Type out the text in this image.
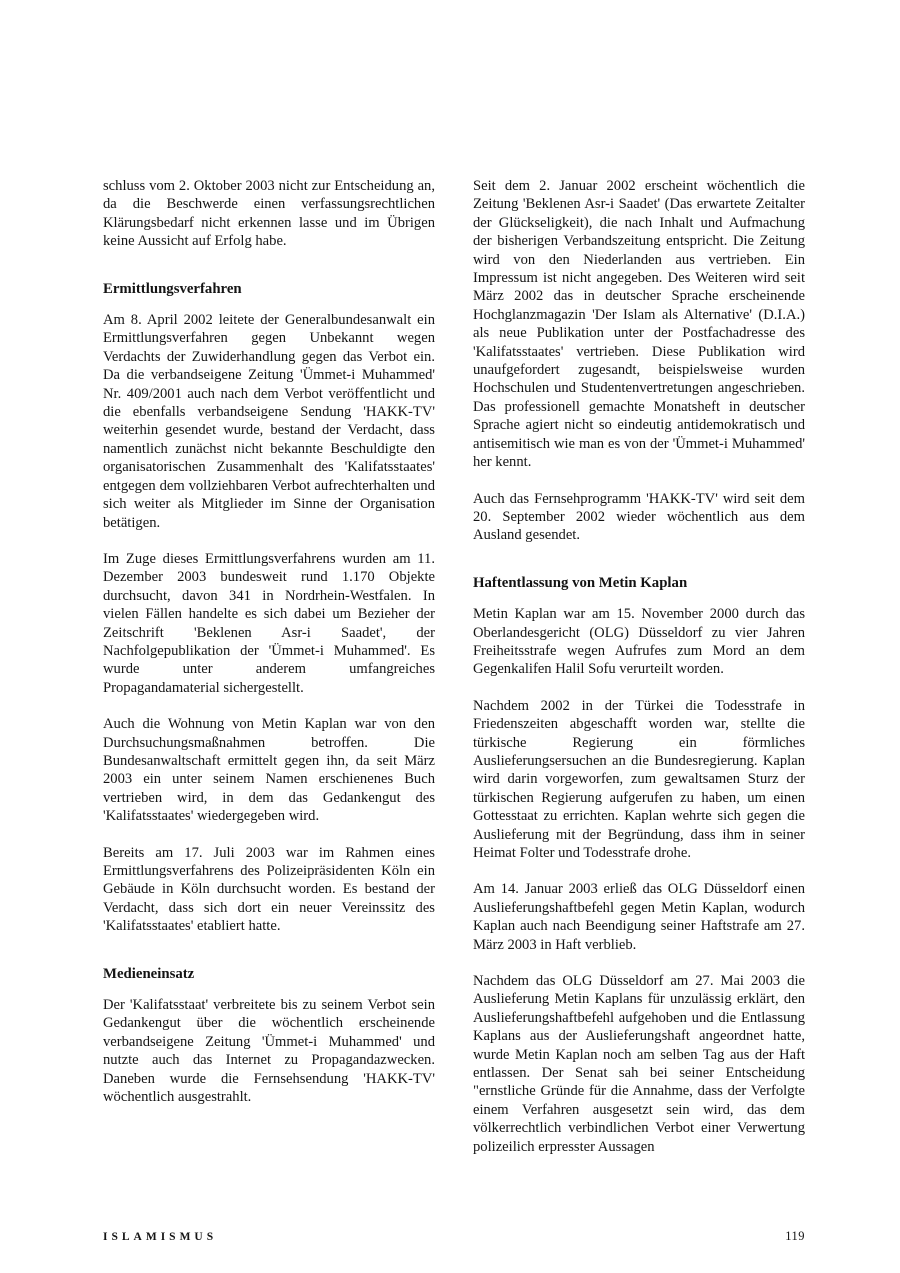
schluss vom 2. Oktober 2003 nicht zur Entscheidung an, da die Beschwerde einen verfassungsrechtlichen Klärungsbedarf nicht erkennen lasse und im Übrigen keine Aussicht auf Erfolg habe.

Ermittlungsverfahren

Am 8. April 2002 leitete der Generalbundesanwalt ein Ermittlungsverfahren gegen Unbekannt wegen Verdachts der Zuwiderhandlung gegen das Verbot ein. Da die verbandseigene Zeitung 'Ümmet-i Muhammed' Nr. 409/2001 auch nach dem Verbot veröffentlicht und die ebenfalls verbandseigene Sendung 'HAKK-TV' weiterhin gesendet wurde, bestand der Verdacht, dass namentlich zunächst nicht bekannte Beschuldigte den organisatorischen Zusammenhalt des 'Kalifatsstaates' entgegen dem vollziehbaren Verbot aufrechterhalten und sich weiter als Mitglieder im Sinne der Organisation betätigen.

Im Zuge dieses Ermittlungsverfahrens wurden am 11. Dezember 2003 bundesweit rund 1.170 Objekte durchsucht, davon 341 in Nordrhein-Westfalen. In vielen Fällen handelte es sich dabei um Bezieher der Zeitschrift 'Beklenen Asr-i Saadet', der Nachfolgepublikation der 'Ümmet-i Muhammed'. Es wurde unter anderem umfangreiches Propagandamaterial sichergestellt.

Auch die Wohnung von Metin Kaplan war von den Durchsuchungsmaßnahmen betroffen. Die Bundesanwaltschaft ermittelt gegen ihn, da seit März 2003 ein unter seinem Namen erschienenes Buch vertrieben wird, in dem das Gedankengut des 'Kalifatsstaates' wiedergegeben wird.

Bereits am 17. Juli 2003 war im Rahmen eines Ermittlungsverfahrens des Polizeipräsidenten Köln ein Gebäude in Köln durchsucht worden. Es bestand der Verdacht, dass sich dort ein neuer Vereinssitz des 'Kalifatsstaates' etabliert hatte.

Medieneinsatz

Der 'Kalifatsstaat' verbreitete bis zu seinem Verbot sein Gedankengut über die wöchentlich erscheinende verbandseigene Zeitung 'Ümmet-i Muhammed' und nutzte auch das Internet zu Propagandazwecken. Daneben wurde die Fernsehsendung 'HAKK-TV' wöchentlich ausgestrahlt.

Seit dem 2. Januar 2002 erscheint wöchentlich die Zeitung 'Beklenen Asr-i Saadet' (Das erwartete Zeitalter der Glückseligkeit), die nach Inhalt und Aufmachung der bisherigen Verbandszeitung entspricht. Die Zeitung wird von den Niederlanden aus vertrieben. Ein Impressum ist nicht angegeben. Des Weiteren wird seit März 2002 das in deutscher Sprache erscheinende Hochglanzmagazin 'Der Islam als Alternative' (D.I.A.) als neue Publikation unter der Postfachadresse des 'Kalifatsstaates' vertrieben. Diese Publikation wird unaufgefordert zugesandt, beispielsweise wurden Hochschulen und Studentenvertretungen angeschrieben. Das professionell gemachte Monatsheft in deutscher Sprache agiert nicht so eindeutig antidemokratisch und antisemitisch wie man es von der 'Ümmet-i Muhammed' her kennt.

Auch das Fernsehprogramm 'HAKK-TV' wird seit dem 20. September 2002 wieder wöchentlich aus dem Ausland gesendet.

Haftentlassung von Metin Kaplan

Metin Kaplan war am 15. November 2000 durch das Oberlandesgericht (OLG) Düsseldorf zu vier Jahren Freiheitsstrafe wegen Aufrufes zum Mord an dem Gegenkalifen Halil Sofu verurteilt worden.

Nachdem 2002 in der Türkei die Todesstrafe in Friedenszeiten abgeschafft worden war, stellte die türkische Regierung ein förmliches Auslieferungsersuchen an die Bundesregierung. Kaplan wird darin vorgeworfen, zum gewaltsamen Sturz der türkischen Regierung aufgerufen zu haben, um einen Gottesstaat zu errichten. Kaplan wehrte sich gegen die Auslieferung mit der Begründung, dass ihm in seiner Heimat Folter und Todesstrafe drohe.

Am 14. Januar 2003 erließ das OLG Düsseldorf einen Auslieferungshaftbefehl gegen Metin Kaplan, wodurch Kaplan auch nach Beendigung seiner Haftstrafe am 27. März 2003 in Haft verblieb.

Nachdem das OLG Düsseldorf am 27. Mai 2003 die Auslieferung Metin Kaplans für unzulässig erklärt, den Auslieferungshaftbefehl aufgehoben und die Entlassung Kaplans aus der Auslieferungshaft angeordnet hatte, wurde Metin Kaplan noch am selben Tag aus der Haft entlassen. Der Senat sah bei seiner Entscheidung "ernstliche Gründe für die Annahme, dass der Verfolgte einem Verfahren ausgesetzt sein wird, das dem völkerrechtlich verbindlichen Verbot einer Verwertung polizeilich erpresster Aussagen

ISLAMISMUS	119
